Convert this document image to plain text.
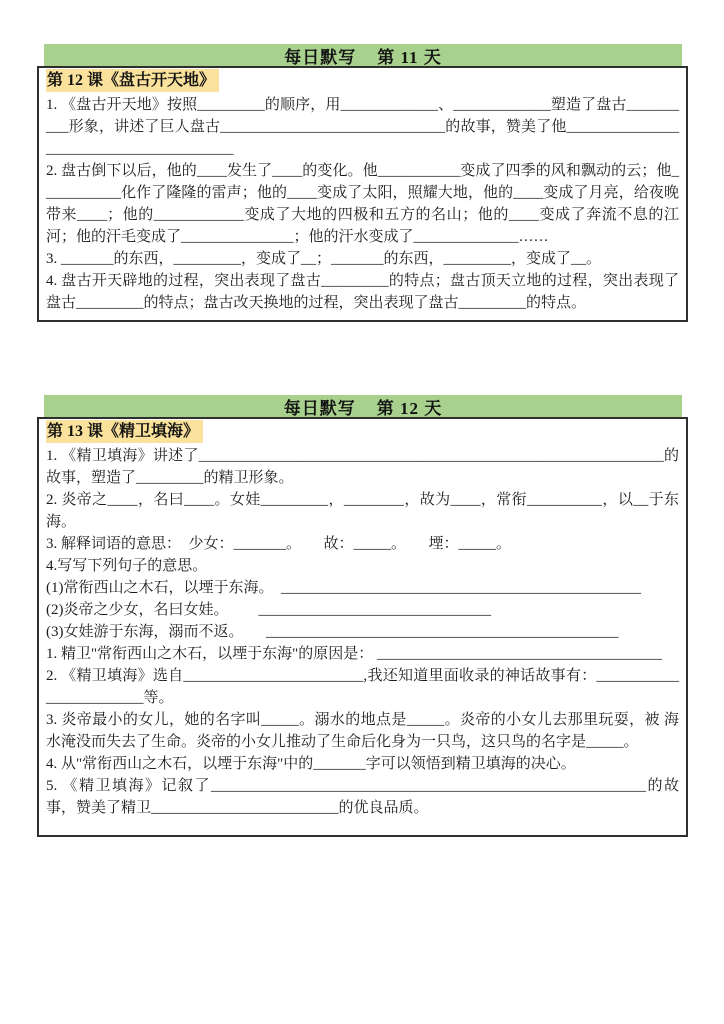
每日默写    第 11 天
第 12 课《盘古开天地》

1. 《盘古开天地》按照_________的顺序，用_____________、_____________塑造了盘古__________形象，讲述了巨人盘古______________________________的故事，赞美了他________________________________________

2. 盘古倒下以后，他的____发生了____的变化。他___________变成了四季的风和飘动的云；他___________化作了隆隆的雷声；他的____变成了太阳，照耀大地，他的____变成了月亮，给夜晚带来____；他的____________变成了大地的四极和五方的名山；他的____变成了奔流不息的江河；他的汗毛变成了_______________；他的汗水变成了______________……

3. _______的东西，_________，变成了__；_______的东西，_________，变成了__。

4. 盘古开天辟地的过程，突出表现了盘古_________的特点；盘古顶天立地的过程，突出表现了盘古_________的特点；盘古改天换地的过程，突出表现了盘古_________的特点。

每日默写    第 12 天
第 13 课《精卫填海》

1. 《精卫填海》讲述了______________________________________________________________的故事，塑造了_________的精卫形象。

2. 炎帝之____，名曰____。女娃_________，________，故为____，常衔__________，以__于东海。

3. 解释词语的意思：  少女：_______。      故：_____。      堙：_____。

4.写写下列句子的意思。

(1)常衔西山之木石，以堙于东海。  ________________________________________________

(2)炎帝之少女，名曰女娃。        _______________________________

(3)女娃游于东海，溺而不返。      _______________________________________________

1. 精卫"常衔西山之木石，以堙于东海"的原因是： ______________________________________

2. 《精卫填海》选自________________________,我还知道里面收录的神话故事有：________________________等。

3. 炎帝最小的女儿，她的名字叫_____。溺水的地点是_____。炎帝的小女儿去那里玩耍，被 海水淹没而失去了生命。炎帝的小女儿推动了生命后化身为一只鸟，这只鸟的名字是_____。

4. 从"常衔西山之木石，以堙于东海"中的_______字可以领悟到精卫填海的决心。

5. 《精卫填海》记叙了__________________________________________________________的故事，赞美了精卫_________________________的优良品质。
